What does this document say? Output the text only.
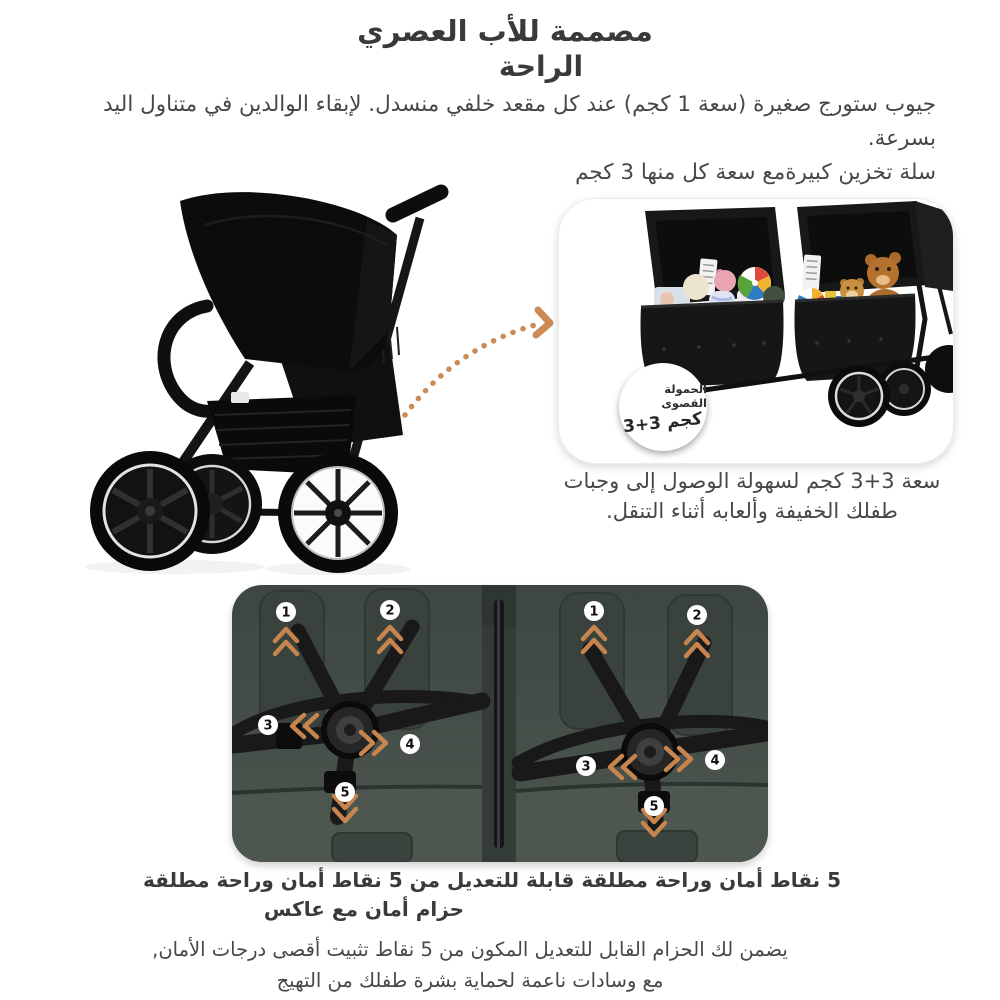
مصممة للأب العصري
الراحة
جيوب ستورج صغيرة (سعة 1 كجم) عند كل مقعد خلفي منسدل. لإبقاء الوالدين في متناول اليد بسرعة.
سلة تخزين كبيرةمع سعة كل منها 3 كجم
الحمولة القصوى
3+3 كجم
سعة 3+3 كجم لسهولة الوصول إلى وجبات
طفلك الخفيفة وألعابه أثناء التنقل.
1	2
3
4
5
1	2
3	4
5
5 نقاط أمان وراحة مطلقة قابلة للتعديل من 5 نقاط أمان وراحة مطلقة
حزام أمان مع عاكس
يضمن لك الحزام القابل للتعديل المكون من 5 نقاط تثبيت أقصى درجات الأمان,
مع وسادات ناعمة لحماية بشرة طفلك من التهيج
